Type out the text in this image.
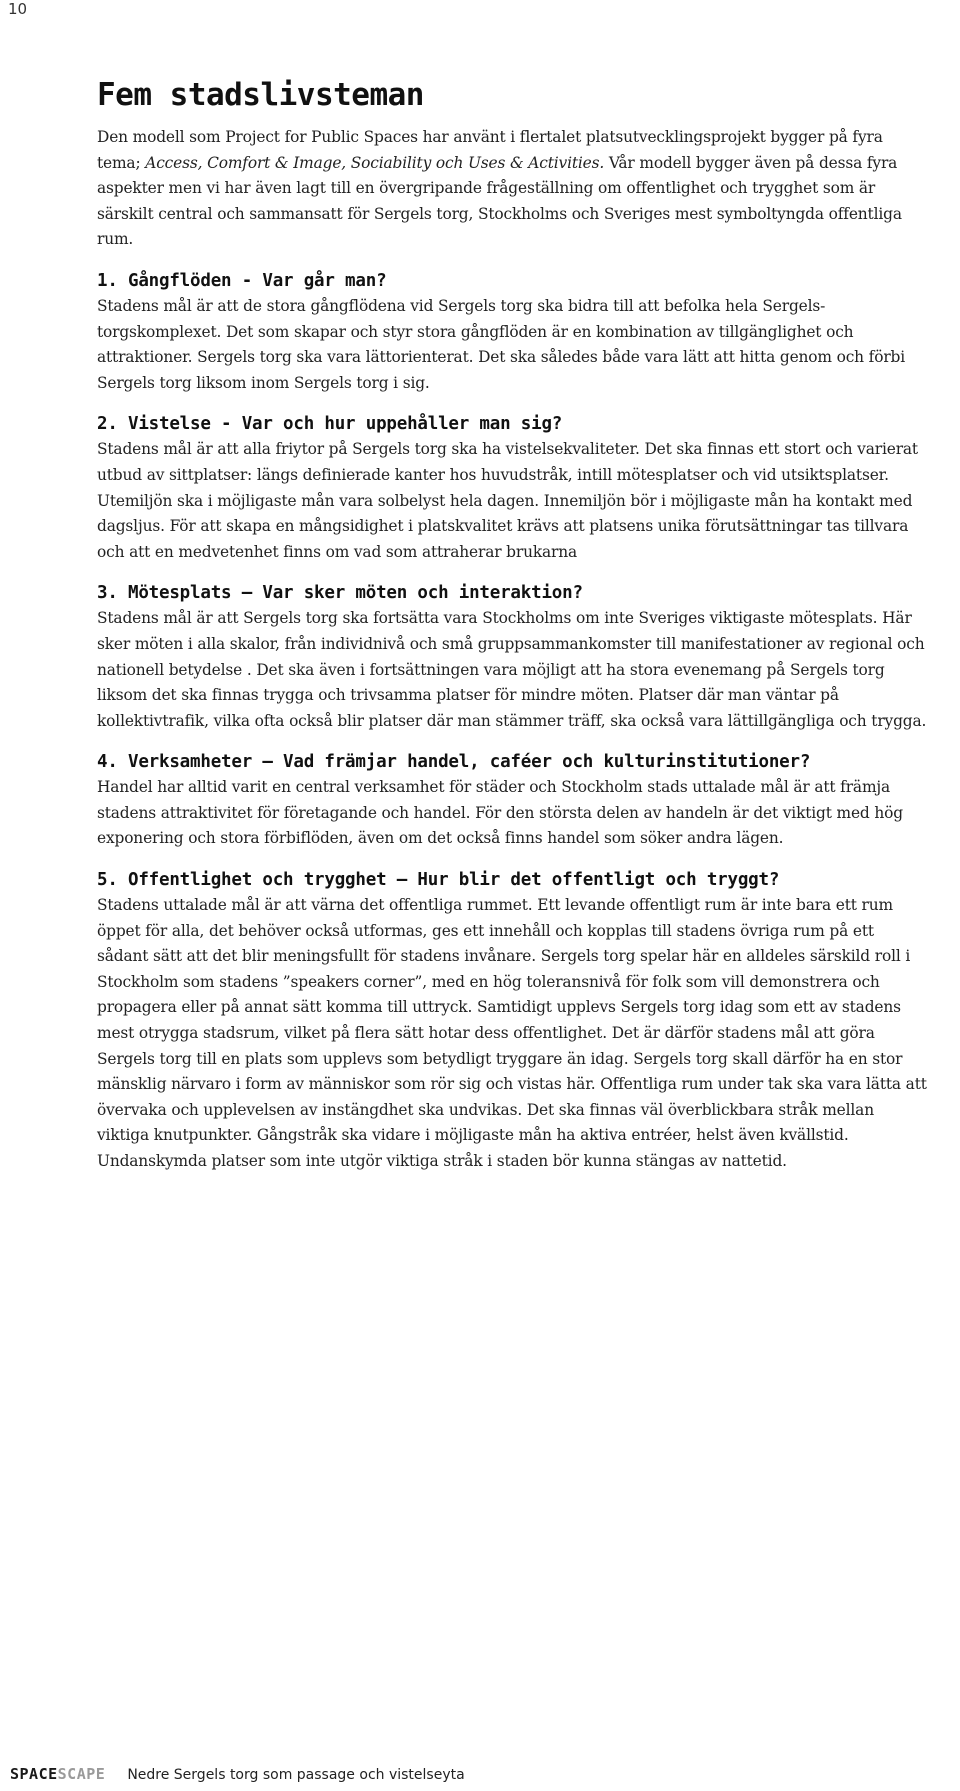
10
Fem stadslivsteman

Den modell som Project for Public Spaces har använt i flertalet platsutvecklingsprojekt bygger på fyra tema; Access, Comfort & Image, Sociability och Uses & Activities. Vår modell bygger även på dessa fyra aspekter men vi har även lagt till en övergripande frågeställning om offentlighet och trygghet som är särskilt central och sammansatt för Sergels torg, Stockholms och Sveriges mest symboltyngda offentliga rum.

1. Gångflöden - Var går man?

Stadens mål är att de stora gångflödena vid Sergels torg ska bidra till att befolka hela Sergels-torgskomplexet. Det som skapar och styr stora gångflöden är en kombination av tillgänglighet och attraktioner. Sergels torg ska vara lättorienterat. Det ska således både vara lätt att hitta genom och förbi Sergels torg liksom inom Sergels torg i sig.

2. Vistelse - Var och hur uppehåller man sig?

Stadens mål är att alla friytor på Sergels torg ska ha vistelsekvaliteter. Det ska finnas ett stort och varierat utbud av sittplatser: längs definierade kanter hos huvudstråk, intill mötesplatser och vid utsiktsplatser. Utemiljön ska i möjligaste mån vara solbelyst hela dagen. Innemiljön bör i möjligaste mån ha kontakt med dagsljus. För att skapa en mångsidighet i platskvalitet krävs att platsens unika förutsättningar tas tillvara och att en medvetenhet finns om vad som attraherar brukarna

3. Mötesplats — Var sker möten och interaktion?

Stadens mål är att Sergels torg ska fortsätta vara Stockholms om inte Sveriges viktigaste mötesplats. Här sker möten i alla skalor, från individnivå och små gruppsammankomster till manifestationer av regional och nationell betydelse . Det ska även i fortsättningen vara möjligt att ha stora evenemang på Sergels torg liksom det ska finnas trygga och trivsamma platser för mindre möten. Platser där man väntar på kollektivtrafik, vilka ofta också blir platser där man stämmer träff, ska också vara lättillgängliga och trygga.

4. Verksamheter — Vad främjar handel, caféer och kulturinstitutioner?

Handel har alltid varit en central verksamhet för städer och Stockholm stads uttalade mål är att främja stadens attraktivitet för företagande och handel. För den största delen av handeln är det viktigt med hög exponering och stora förbiflöden, även om det också finns handel som söker andra lägen.

5. Offentlighet och trygghet — Hur blir det offentligt och tryggt?

Stadens uttalade mål är att värna det offentliga rummet. Ett levande offentligt rum är inte bara ett rum öppet för alla, det behöver också utformas, ges ett innehåll och kopplas till stadens övriga rum på ett sådant sätt att det blir meningsfullt för stadens invånare. Sergels torg spelar här en alldeles särskild roll i Stockholm som stadens ”speakers corner”, med en hög toleransnivå för folk som vill demonstrera och propagera eller på annat sätt komma till uttryck. Samtidigt upplevs Sergels torg idag som ett av stadens mest otrygga stadsrum, vilket på flera sätt hotar dess offentlighet. Det är därför stadens mål att göra Sergels torg till en plats som upplevs som betydligt tryggare än idag. Sergels torg skall därför ha en stor mänsklig närvaro i form av människor som rör sig och vistas här. Offentliga rum under tak ska vara lätta att övervaka och upplevelsen av instängdhet ska undvikas. Det ska finnas väl överblickbara stråk mellan viktiga knutpunkter. Gångstråk ska vidare i möjligaste mån ha aktiva entréer, helst även kvällstid. Undanskymda platser som inte utgör viktiga stråk i staden bör kunna stängas av nattetid.

SPACESCAPE Nedre Sergels torg som passage och vistelseyta
